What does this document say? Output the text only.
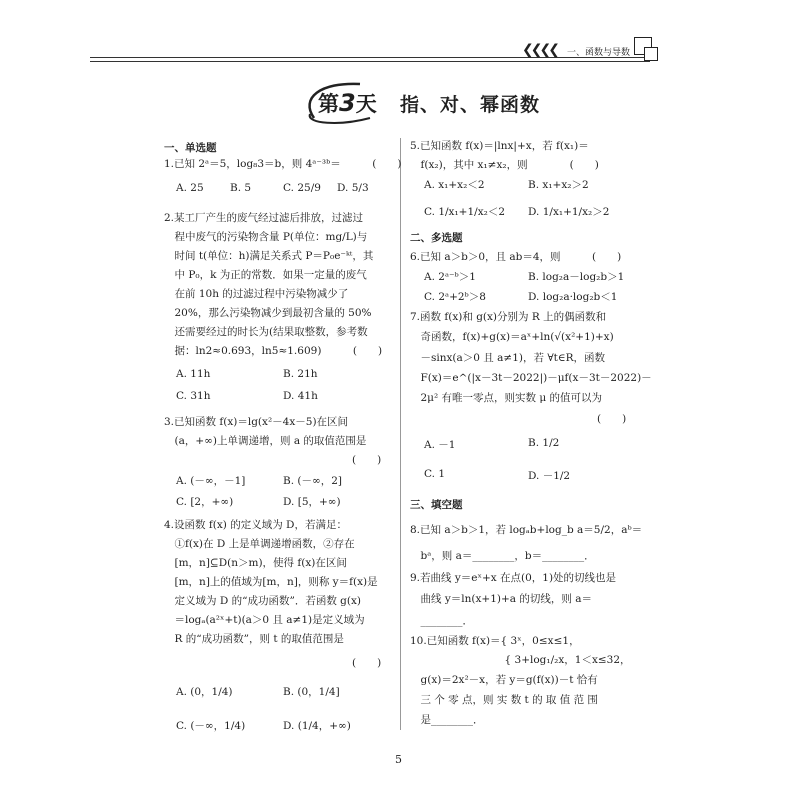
❮❮❮❮ 一、函数与导数
第3天 指、对、幂函数
一、单选题
1.已知 2ᵃ＝5，log₈3＝b，则 4ᵃ⁻³ᵇ＝　　　(　　)
A. 25	B. 5	C. 25/9 D. 5/3
2.某工厂产生的废气经过滤后排放，过滤过
　程中废气的污染物含量 P(单位：mg/L)与
　时间 t(单位：h)满足关系式 P＝P₀e⁻ᵏᵗ，其
　中 P₀，k 为正的常数．如果一定量的废气
　在前 10h 的过滤过程中污染物减少了
　20%，那么污染物减少到最初含量的 50%
　还需要经过的时长为(结果取整数，参考数
　据：ln2≈0.693，ln5≈1.609)　　　(　　)
A. 11h	B. 21h
C. 31h	D. 41h
3.已知函数 f(x)＝lg(x²－4x－5)在区间
　(a，+∞)上单调递增，则 a 的取值范围是
(　　)
A. (－∞，－1]	B. (－∞，2]
C. [2，+∞)	D. [5，+∞)
4.设函数 f(x) 的定义域为 D，若满足：
　①f(x)在 D 上是单调递增函数，②存在
　[m，n]⊆D(n＞m)，使得 f(x)在区间
　[m，n]上的值域为[m，n]，则称 y＝f(x)是
　定义域为 D 的“成功函数”．若函数 g(x)
　＝logₐ(a²ˣ+t)(a＞0 且 a≠1)是定义域为
　R 的“成功函数”，则 t 的取值范围是
(　　)
A. (0，1/4)	B. (0，1/4]
C. (－∞，1/4)	D. (1/4，+∞)
5.已知函数 f(x)＝|lnx|+x，若 f(x₁)＝
　f(x₂)，其中 x₁≠x₂，则　　　　(　　)
A. x₁+x₂＜2	B. x₁+x₂＞2
C. 1/x₁+1/x₂＜2 D. 1/x₁+1/x₂＞2
二、多选题
6.已知 a＞b＞0，且 ab＝4，则　　　(　　)
A. 2ᵃ⁻ᵇ＞1	B. log₂a－log₂b＞1
C. 2ᵃ+2ᵇ＞8	D. log₂a·log₂b＜1
7.函数 f(x)和 g(x)分别为 R 上的偶函数和
　奇函数，f(x)+g(x)＝aˣ+ln(√(x²+1)+x)
　－sinx(a＞0 且 a≠1)，若 ∀t∈R，函数
　F(x)＝e^(|x－3t－2022|)－μf(x－3t－2022)－
　2μ² 有唯一零点，则实数 μ 的值可以为
(　　)
A. －1	B. 1/2
C. 1	D. －1/2
三、填空题
8.已知 a＞b＞1，若 logₐb+log_b a＝5/2，aᵇ＝
　bᵃ，则 a＝________，b＝________．
9.若曲线 y＝eˣ+x 在点(0，1)处的切线也是
　曲线 y＝ln(x+1)+a 的切线，则 a＝
　________．
10.已知函数 f(x)＝{ 3ˣ，0≤x≤1，
　　　　　　　　　{ 3+log₁/₂x，1＜x≤32，
　g(x)＝2x²－x，若 y＝g(f(x))－t 恰有
　三 个 零 点，则 实 数 t 的 取 值 范 围
　是________．
5
